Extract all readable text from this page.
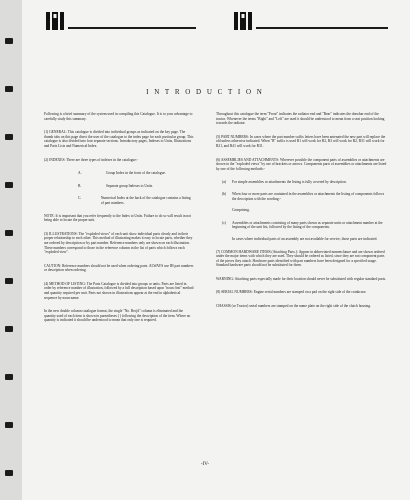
I N T R O D U C T I O N

Following is a brief summary of the system used in compiling this Catalogue. It is to your advantage to carefully study this summary.

(1) GENERAL: This catalogue is divided into individual groups as indicated on the key page. The thumb tabs on this page direct the user of the catalogue to the index page for each particular group. This catalogue is also divided into four separate sections. Introductory pages, Indexes to Units, Illustrations and Parts Lists and Numerical Index.

(2) INDEXES: There are three types of indexes in the catalogue:-

A.	Group Index in the front of the catalogue.
B.	Separate group Indexes to Units.
C.	Numerical Index at the back of the catalogue contains a listing of part numbers.

NOTE: It is important that you refer frequently to the Index to Units. Failure to do so will result in not being able to locate the proper unit.

(3) ILLUSTRATIONS: The "exploded views" of each unit show individual parts clearly and in their proper relationship to each other. This method of illustrating makes it easy to locate parts, whether they are ordered by description or by part number. Reference numbers only are shown on each illustration. These numbers correspond to those in the reference column in the list of parts which follows each "exploded view".

CAUTION: Reference numbers should not be used when ordering parts. ALWAYS use IH part numbers or description when ordering.

(4) METHOD OF LISTING: The Parts Catalogue is divided into groups or units. Parts are listed in order by reference number of illustration, followed by a full description based upon "noun first" method and quantity required per unit. Parts not shown in illustrations appear at the end in alphabetical sequence by noun name.

In the new double column catalogue format, the single "No. Req'd" column is eliminated and the quantity used of each item is shown in parentheses ( ) following the description of the item. Where no quantity is indicated it should be understood to mean that only one is required.

Throughout this catalogue the term "Front" indicates the radiator end and "Rear" indicates the drawbar end of the tractor. Whenever the terms "Right" and "Left" are used it should be understood to mean from a seat position looking towards the radiator.

(5) PART NUMBERS: In cases where the part number suffix letters have been antenated the new part will replace the old unless otherwise indicated. When "R" suffix is used R1 will work for R2, R3 will work for R2, R31 will work for R21, and R41 will work for R31.

(6) ASSEMBLIES AND ATTACHMENTS: Wherever possible the component parts of assemblies or attachments are shown in the "exploded views" by use of brackets or arrows. Components parts of assemblies or attachments are listed by one of the following methods:-

(a)	For simple assemblies or attachments the listing is fully covered by description.
(b)	When four or more parts are contained in the assemblies or attachments the listing of components follows the description with the wording:-
Comprising.
(c)	Assemblies or attachments consisting of many parts shown as separate units or attachment number at the beginning of the unit list, followed by the listing of the components.
In cases where individual parts of an assembly are not available for service, those parts are indicated.

(7) COMMON HARDWARE ITEMS (Attaching Parts.): Appear in abbreviated nomenclature and are shown ordered under the major items with which they are used. They should be ordered as listed, since they are not component parts of the pieces they attach. Hardware parts identified with part numbers have been designed for a specified usage. Standard hardware parts should not be substituted for them.

WARNING: Attaching parts especially made for their location should never be substituted with regular standard parts.

(8) SERIAL NUMBERS: Engine serial numbers are stamped on a pad on the right side of the crankcase.

CHASSIS (or Tractor) serial numbers are stamped on the name plate on the right side of the clutch housing.

-IV-
